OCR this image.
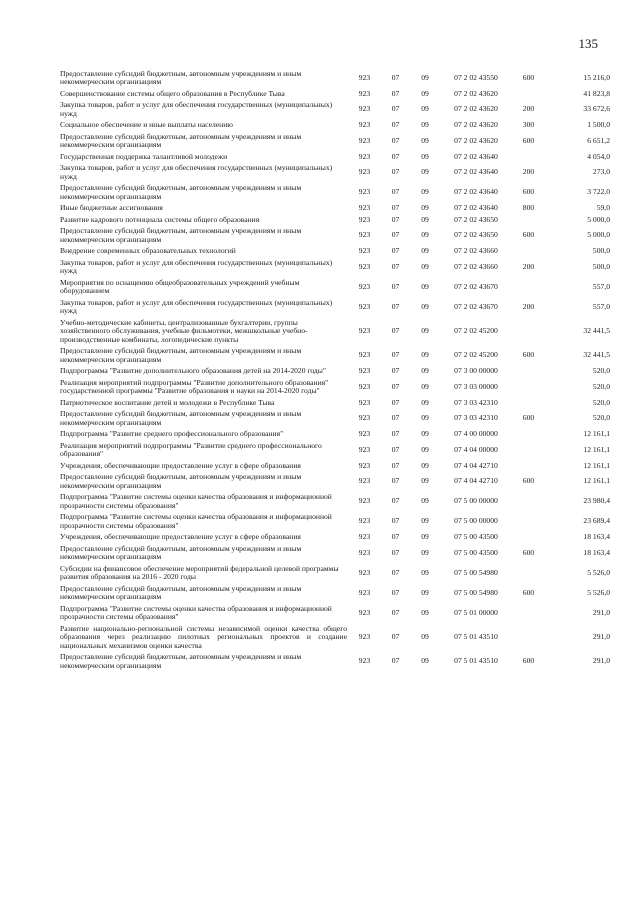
135
Предоставление субсидий бюджетным, автономным учреждениям и иным некоммерческим организациям	923	07	09	07 2 02 43550	600	15 216,0
Совершенствование системы общего образования в Республике Тыва	923	07	09	07 2 02 43620		41 823,8
Закупка товаров, работ и услуг для обеспечения государственных (муниципальных) нужд	923	07	09	07 2 02 43620	200	33 672,6
Социальное обеспечение и иные выплаты населению	923	07	09	07 2 02 43620	300	1 500,0
Предоставление субсидий бюджетным, автономным учреждениям и иным некоммерческим организациям	923	07	09	07 2 02 43620	600	6 651,2
Государственная поддержка талантливой молодежи	923	07	09	07 2 02 43640		4 054,0
Закупка товаров, работ и услуг для обеспечения государственных (муниципальных) нужд	923	07	09	07 2 02 43640	200	273,0
Предоставление субсидий бюджетным, автономным учреждениям и иным некоммерческим организациям	923	07	09	07 2 02 43640	600	3 722,0
Иные бюджетные ассигнования	923	07	09	07 2 02 43640	800	59,0
Развитие кадрового потенциала системы общего образования	923	07	09	07 2 02 43650		5 000,0
Предоставление субсидий бюджетным, автономным учреждениям и иным некоммерческим организациям	923	07	09	07 2 02 43650	600	5 000,0
Внедрение современных образовательных технологий	923	07	09	07 2 02 43660		500,0
Закупка товаров, работ и услуг для обеспечения государственных (муниципальных) нужд	923	07	09	07 2 02 43660	200	500,0
Мероприятия по оснащению общеобразовательных учреждений учебным оборудованием	923	07	09	07 2 02 43670		557,0
Закупка товаров, работ и услуг для обеспечения государственных (муниципальных) нужд	923	07	09	07 2 02 43670	200	557,0
Учебно-методические кабинеты, централизованные бухгалтерии, группы хозяйственного обслуживания, учебные фильмотеки, межшкольные учебно-производственные комбинаты, логопедические пункты	923	07	09	07 2 02 45200		32 441,5
Предоставление субсидий бюджетным, автономным учреждениям и иным некоммерческим организациям	923	07	09	07 2 02 45200	600	32 441,5
Подпрограмма "Развитие дополнительного образования детей на 2014-2020 годы"	923	07	09	07 3 00 00000		520,0
Реализация мероприятий подпрограммы "Развитие дополнительного образования" государственной программы "Развитие образования и науки на 2014-2020 годы"	923	07	09	07 3 03 00000		520,0
Патриотическое воспитание детей и молодежи в Республике Тыва	923	07	09	07 3 03 42310		520,0
Предоставление субсидий бюджетным, автономным учреждениям и иным некоммерческим организациям	923	07	09	07 3 03 42310	600	520,0
Подпрограмма "Развитие среднего профессионального образования"	923	07	09	07 4 00 00000		12 161,1
Реализация мероприятий подпрограммы "Развитие среднего профессионального образования"	923	07	09	07 4 04 00000		12 161,1
Учреждения, обеспечивающие предоставление услуг в сфере образования	923	07	09	07 4 04 42710		12 161,1
Предоставление субсидий бюджетным, автономным учреждениям и иным некоммерческим организациям	923	07	09	07 4 04 42710	600	12 161,1
Подпрограмма "Развитие системы оценки качества образования и информационной прозрачности системы образования"	923	07	09	07 5 00 00000		23 980,4
Подпрограмма "Развитие системы оценки качества образования и информационной прозрачности системы образования"	923	07	09	07 5 00 00000		23 689,4
Учреждения, обеспечивающие предоставление услуг в сфере образования	923	07	09	07 5 00 43500		18 163,4
Предоставление субсидий бюджетным, автономным учреждениям и иным некоммерческим организациям	923	07	09	07 5 00 43500	600	18 163,4
Субсидии на финансовое обеспечение мероприятий федеральной целевой программы развития образования на 2016 - 2020 годы	923	07	09	07 5 00 54980		5 526,0
Предоставление субсидий бюджетным, автономным учреждениям и иным некоммерческим организациям	923	07	09	07 5 00 54980	600	5 526,0
Подпрограмма "Развитие системы оценки качества образования и информационной прозрачности системы образования"	923	07	09	07 5 01 00000		291,0
Развитие национально-региональной системы независимой оценки качества общего образования через реализацию пилотных региональных проектов и создание национальных механизмов оценки качества	923	07	09	07 5 01 43510		291,0
Предоставление субсидий бюджетным, автономным учреждениям и иным некоммерческим организациям	923	07	09	07 5 01 43510	600	291,0
